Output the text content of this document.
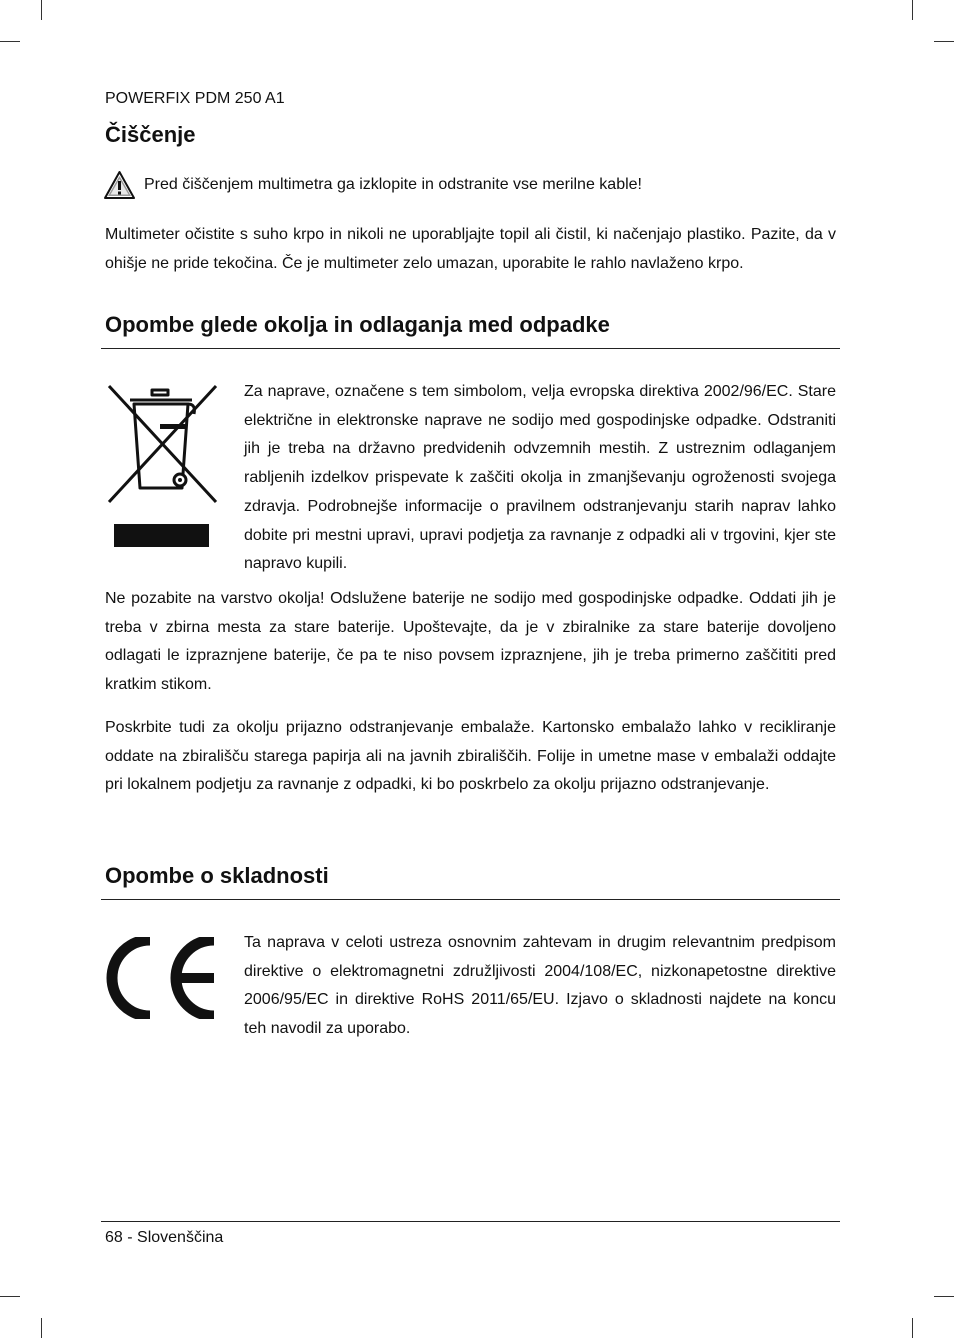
POWERFIX PDM 250 A1
Čiščenje
Pred čiščenjem multimetra ga izklopite in odstranite vse merilne kable!

Multimeter očistite s suho krpo in nikoli ne uporabljajte topil ali čistil, ki načenjajo plastiko. Pazite, da v ohišje ne pride tekočina. Če je multimeter zelo umazan, uporabite le rahlo navlaženo krpo.

Opombe glede okolja in odlaganja med odpadke

Za naprave, označene s tem simbolom, velja evropska direktiva 2002/96/EC. Stare električne in elektronske naprave ne sodijo med gospodinjske odpadke. Odstraniti jih je treba na državno predvidenih odvzemnih mestih. Z ustreznim odlaganjem rabljenih izdelkov prispevate k zaščiti okolja in zmanjševanju ogroženosti svojega zdravja. Podrobnejše informacije o pravilnem odstranjevanju starih naprav lahko dobite pri mestni upravi, upravi podjetja za ravnanje z odpadki ali v trgovini, kjer ste napravo kupili.

Ne pozabite na varstvo okolja! Odslužene baterije ne sodijo med gospodinjske odpadke. Oddati jih je treba v zbirna mesta za stare baterije. Upoštevajte, da je v zbiralnike za stare baterije dovoljeno odlagati le izpraznjene baterije, če pa te niso povsem izpraznjene, jih je treba primerno zaščititi pred kratkim stikom.

Poskrbite tudi za okolju prijazno odstranjevanje embalaže. Kartonsko embalažo lahko v recikliranje oddate na zbirališču starega papirja ali na javnih zbirališčih. Folije in umetne mase v embalaži oddajte pri lokalnem podjetju za ravnanje z odpadki, ki bo poskrbelo za okolju prijazno odstranjevanje.

Opombe o skladnosti

Ta naprava v celoti ustreza osnovnim zahtevam in drugim relevantnim predpisom direktive o elektromagnetni združljivosti 2004/108/EC, nizkonapetostne direktive 2006/95/EC in direktive RoHS 2011/65/EU. Izjavo o skladnosti najdete na koncu teh navodil za uporabo.

68 - Slovenščina
